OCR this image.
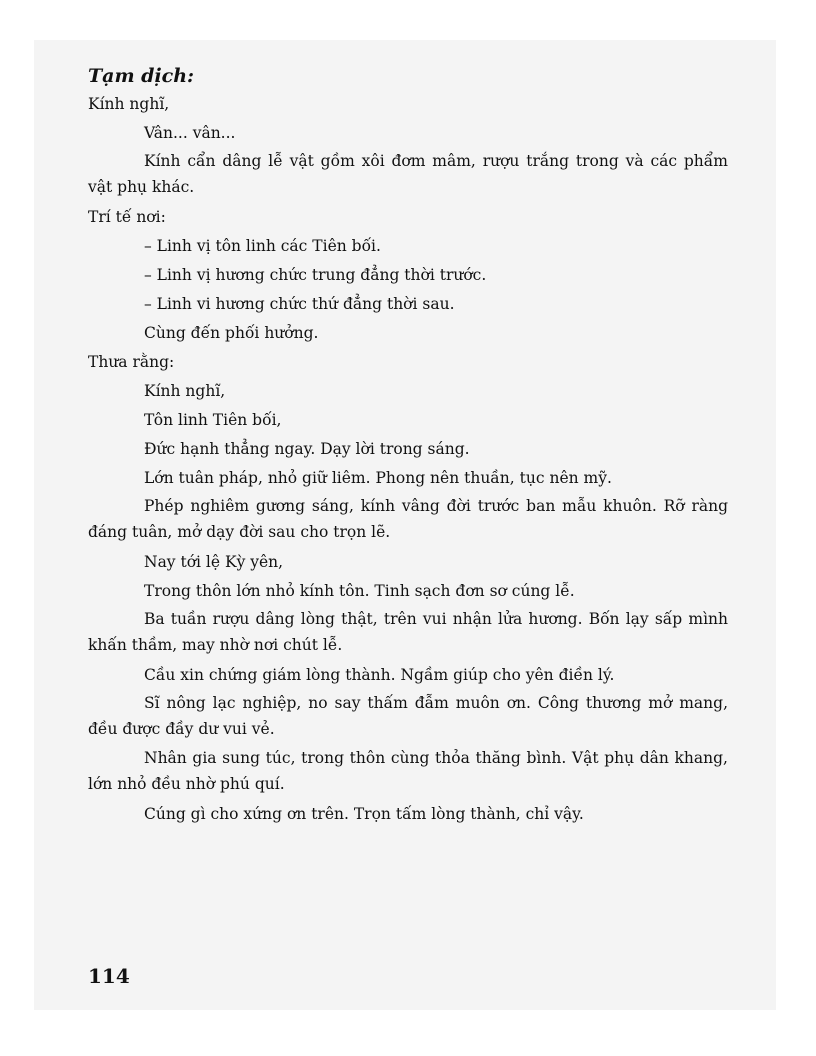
Tạm dịch:
Kính nghĩ,
Vân... vân...
Kính cẩn dâng lễ vật gồm xôi đơm mâm, rượu trắng trong và các phẩm vật phụ khác.
Trí tế nơi:
– Linh vị tôn linh các Tiên bối.
– Linh vị hương chức trung đẳng thời trước.
– Linh vi hương chức thứ đẳng thời sau.
Cùng đến phối hưởng.
Thưa rằng:
Kính nghĩ,
Tôn linh Tiên bối,
Đức hạnh thẳng ngay. Dạy lời trong sáng.
Lớn tuân pháp, nhỏ giữ liêm. Phong nên thuần, tục nên mỹ.
Phép nghiêm gương sáng, kính vâng đời trước ban mẫu khuôn. Rỡ ràng đáng tuân, mở dạy đời sau cho trọn lẽ.
Nay tới lệ Kỳ yên,
Trong thôn lớn nhỏ kính tôn. Tinh sạch đơn sơ cúng lễ.
Ba tuần rượu dâng lòng thật, trên vui nhận lửa hương. Bốn lạy sấp mình khấn thầm, may nhờ nơi chút lễ.
Cầu xin chứng giám lòng thành. Ngầm giúp cho yên điền lý.
Sĩ nông lạc nghiệp, no say thấm đẫm muôn ơn. Công thương mở mang, đều được đầy dư vui vẻ.
Nhân gia sung túc, trong thôn cùng thỏa thăng bình. Vật phụ dân khang, lớn nhỏ đều nhờ phú quí.
Cúng gì cho xứng ơn trên. Trọn tấm lòng thành, chỉ vậy.
114
